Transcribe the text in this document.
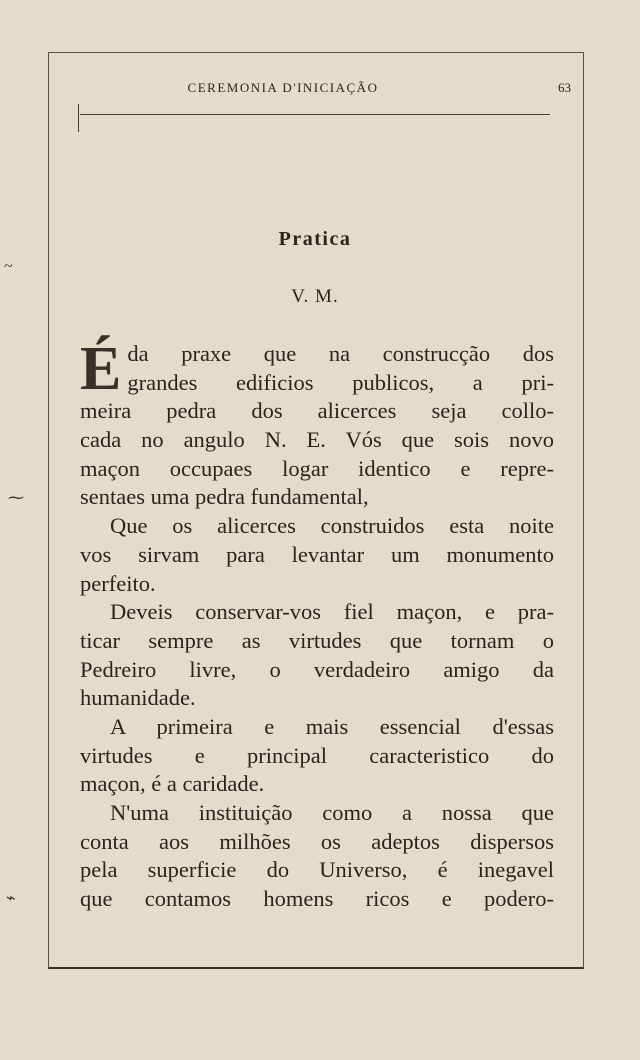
CEREMONIA D'INICIAÇÃO	63
Pratica
V. M.
É da praxe que na construcção dos
grandes edificios publicos, a pri-
meira pedra dos alicerces seja collo-
cada no angulo N. E. Vós que sois novo
maçon occupaes logar identico e repre-
sentaes uma pedra fundamental,
Que os alicerces construidos esta noite
vos sirvam para levantar um monumento
perfeito.
Deveis conservar-vos fiel maçon, e pra-
ticar sempre as virtudes que tornam o
Pedreiro livre, o verdadeiro amigo da
humanidade.
A primeira e mais essencial d'essas
virtudes e principal caracteristico do
maçon, é a caridade.
N'uma instituição como a nossa que
conta aos milhões os adeptos dispersos
pela superficie do Universo, é inegavel
que contamos homens ricos e podero-
~
⁓
⌁
